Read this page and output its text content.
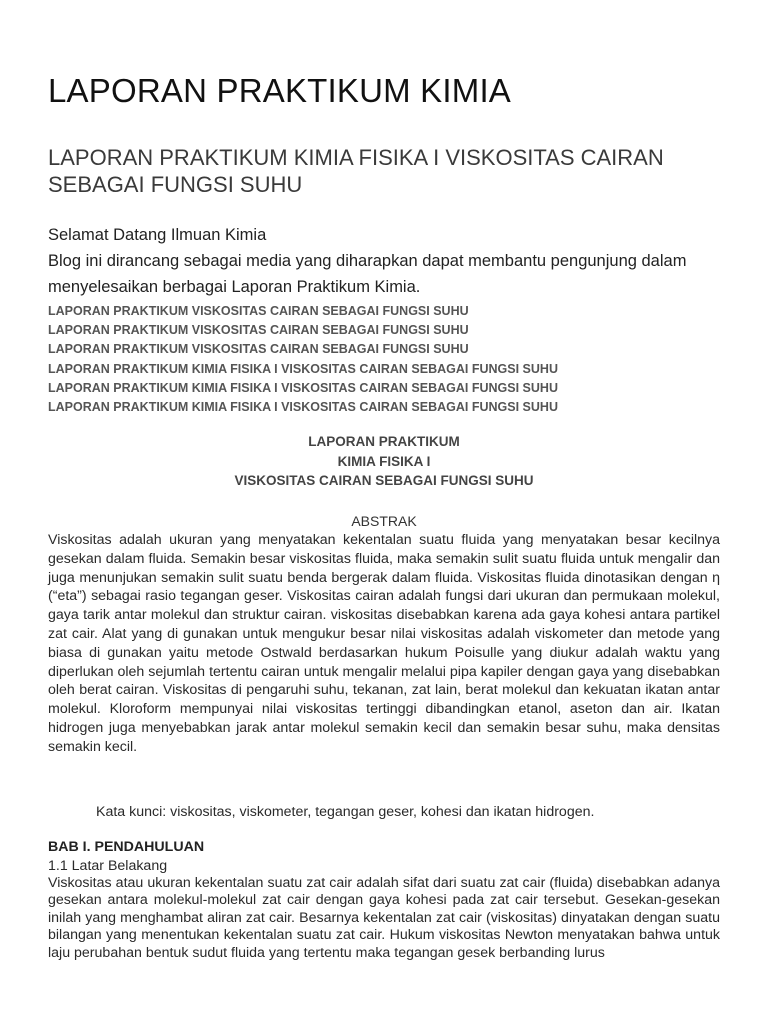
LAPORAN PRAKTIKUM KIMIA
LAPORAN PRAKTIKUM KIMIA FISIKA I VISKOSITAS CAIRAN SEBAGAI FUNGSI SUHU
Selamat Datang Ilmuan Kimia
Blog ini dirancang sebagai media yang diharapkan dapat membantu pengunjung dalam menyelesaikan berbagai Laporan Praktikum Kimia.
LAPORAN PRAKTIKUM VISKOSITAS CAIRAN SEBAGAI FUNGSI SUHU
LAPORAN PRAKTIKUM VISKOSITAS CAIRAN SEBAGAI FUNGSI SUHU
LAPORAN PRAKTIKUM VISKOSITAS CAIRAN SEBAGAI FUNGSI SUHU
LAPORAN PRAKTIKUM KIMIA FISIKA I VISKOSITAS CAIRAN SEBAGAI FUNGSI SUHU
LAPORAN PRAKTIKUM KIMIA FISIKA I VISKOSITAS CAIRAN SEBAGAI FUNGSI SUHU
LAPORAN PRAKTIKUM KIMIA FISIKA I VISKOSITAS CAIRAN SEBAGAI FUNGSI SUHU
LAPORAN PRAKTIKUM
KIMIA FISIKA I
VISKOSITAS CAIRAN SEBAGAI FUNGSI SUHU
ABSTRAK
Viskositas adalah ukuran yang menyatakan kekentalan suatu fluida yang menyatakan besar kecilnya gesekan dalam fluida. Semakin besar viskositas fluida, maka semakin sulit suatu fluida untuk mengalir dan juga menunjukan semakin sulit suatu benda bergerak dalam fluida. Viskositas fluida dinotasikan dengan η (“eta”) sebagai rasio tegangan geser. Viskositas cairan adalah fungsi dari ukuran dan permukaan molekul, gaya tarik antar molekul dan struktur cairan. viskositas disebabkan karena ada gaya kohesi antara partikel zat cair. Alat yang di gunakan untuk mengukur besar nilai viskositas adalah viskometer dan metode yang biasa di gunakan yaitu metode Ostwald berdasarkan hukum Poisulle yang diukur adalah waktu yang diperlukan oleh sejumlah tertentu cairan untuk mengalir melalui pipa kapiler dengan gaya yang disebabkan oleh berat cairan. Viskositas di pengaruhi suhu, tekanan, zat lain, berat molekul dan kekuatan ikatan antar molekul. Kloroform mempunyai nilai viskositas tertinggi dibandingkan etanol, aseton dan air. Ikatan hidrogen juga menyebabkan jarak antar molekul semakin kecil dan semakin besar suhu, maka densitas semakin kecil.
Kata kunci: viskositas, viskometer, tegangan geser, kohesi dan ikatan hidrogen.
BAB I. PENDAHULUAN
1.1 Latar Belakang
Viskositas atau ukuran kekentalan suatu zat cair adalah sifat dari suatu zat cair (fluida) disebabkan adanya gesekan antara molekul-molekul zat cair dengan gaya kohesi pada zat cair tersebut. Gesekan-gesekan inilah yang menghambat aliran zat cair. Besarnya kekentalan zat cair (viskositas) dinyatakan dengan suatu bilangan yang menentukan kekentalan suatu zat cair. Hukum viskositas Newton menyatakan bahwa untuk laju perubahan bentuk sudut fluida yang tertentu maka tegangan gesek berbanding lurus
